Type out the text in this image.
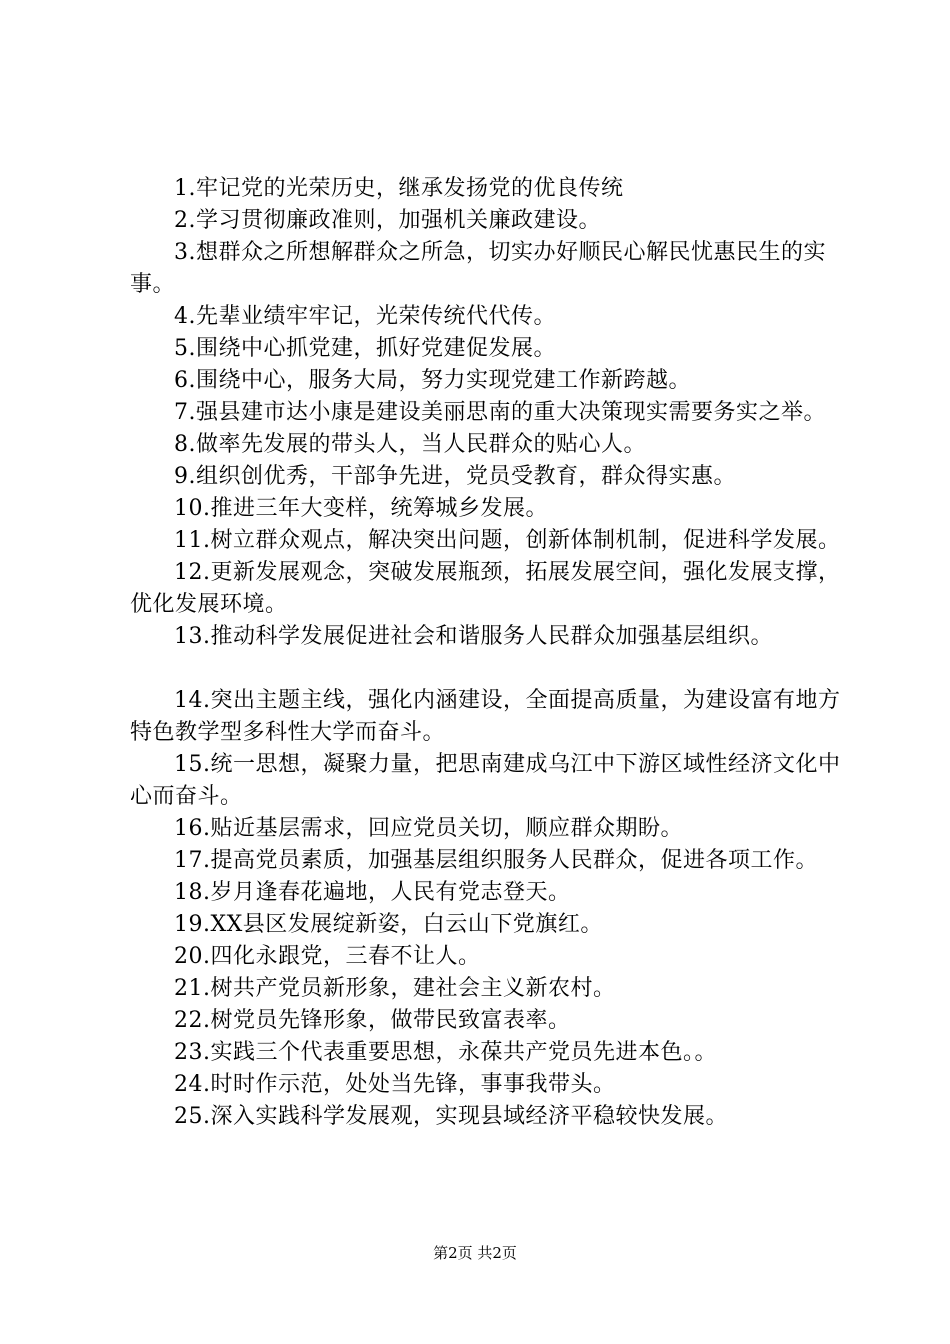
1.牢记党的光荣历史，继承发扬党的优良传统

2.学习贯彻廉政准则，加强机关廉政建设。

3.想群众之所想解群众之所急，切实办好顺民心解民忧惠民生的实事。

4.先辈业绩牢牢记，光荣传统代代传。

5.围绕中心抓党建，抓好党建促发展。

6.围绕中心，服务大局，努力实现党建工作新跨越。

7.强县建市达小康是建设美丽思南的重大决策现实需要务实之举。

8.做率先发展的带头人，当人民群众的贴心人。

9.组织创优秀，干部争先进，党员受教育，群众得实惠。

10.推进三年大变样，统筹城乡发展。

11.树立群众观点，解决突出问题，创新体制机制，促进科学发展。

12.更新发展观念，突破发展瓶颈，拓展发展空间，强化发展支撑，优化发展环境。

13.推动科学发展促进社会和谐服务人民群众加强基层组织。

14.突出主题主线，强化内涵建设，全面提高质量，为建设富有地方特色教学型多科性大学而奋斗。

15.统一思想，凝聚力量，把思南建成乌江中下游区域性经济文化中心而奋斗。

16.贴近基层需求，回应党员关切，顺应群众期盼。

17.提高党员素质，加强基层组织服务人民群众，促进各项工作。

18.岁月逢春花遍地，人民有党志登天。

19.XX县区发展绽新姿，白云山下党旗红。

20.四化永跟党，三春不让人。

21.树共产党员新形象，建社会主义新农村。

22.树党员先锋形象，做带民致富表率。

23.实践三个代表重要思想，永葆共产党员先进本色。。

24.时时作示范，处处当先锋，事事我带头。

25.深入实践科学发展观，实现县域经济平稳较快发展。

第2页 共2页
